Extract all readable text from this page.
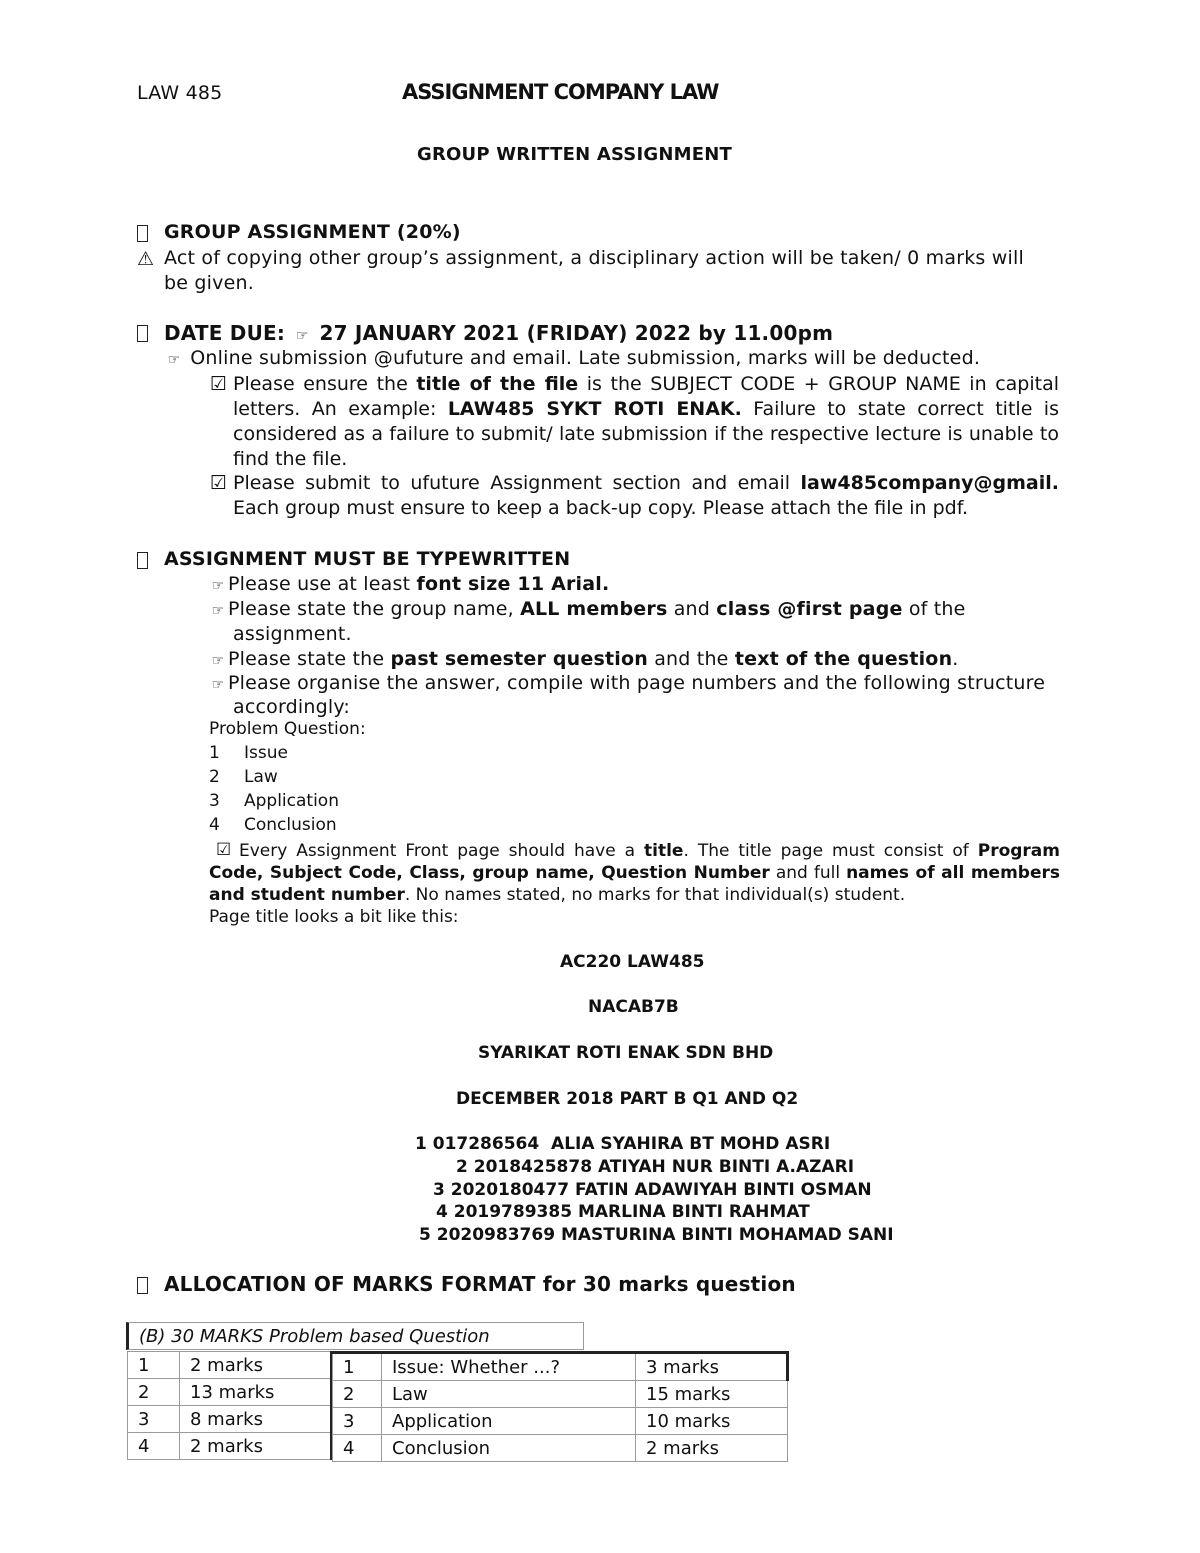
LAW 485	ASSIGNMENT COMPANY LAW
GROUP WRITTEN ASSIGNMENT
GROUP ASSIGNMENT (20%)
⚠ Act of copying other group’s assignment, a disciplinary action will be taken/ 0 marks will
be given.
DATE DUE: ☞ 27 JANUARY 2021 (FRIDAY) 2022 by 11.00pm
☞ Online submission @ufuture and email. Late submission, marks will be deducted.
☑ Please ensure the title of the file is the SUBJECT CODE + GROUP NAME in capital letters. An example: LAW485 SYKT ROTI ENAK. Failure to state correct title is considered as a failure to submit/ late submission if the respective lecture is unable to find the file.
☑ Please submit to ufuture Assignment section and email law485company@gmail. Each group must ensure to keep a back-up copy. Please attach the file in pdf.
ASSIGNMENT MUST BE TYPEWRITTEN
☞ Please use at least font size 11 Arial.
☞ Please state the group name, ALL members and class @first page of the
assignment.
☞ Please state the past semester question and the text of the question.
☞ Please organise the answer, compile with page numbers and the following structure
accordingly:
Problem Question:
1 Issue
2 Law
3 Application
4 Conclusion
☑ Every Assignment Front page should have a title. The title page must consist of Program Code, Subject Code, Class, group name, Question Number and full names of all members and student number. No names stated, no marks for that individual(s) student.
Page title looks a bit like this:
AC220 LAW485
NACAB7B
SYARIKAT ROTI ENAK SDN BHD
DECEMBER 2018 PART B Q1 AND Q2
1 017286564  ALIA SYAHIRA BT MOHD ASRI
2 2018425878 ATIYAH NUR BINTI A.AZARI
3 2020180477 FATIN ADAWIYAH BINTI OSMAN
4 2019789385 MARLINA BINTI RAHMAT
5 2020983769 MASTURINA BINTI MOHAMAD SANI
ALLOCATION OF MARKS FORMAT for 30 marks question
(B) 30 MARKS Problem based Question
1	2 marks
2	13 marks
3	8 marks
4	2 marks
1	Issue: Whether ...?	3 marks
2	Law	15 marks
3	Application	10 marks
4	Conclusion	2 marks
